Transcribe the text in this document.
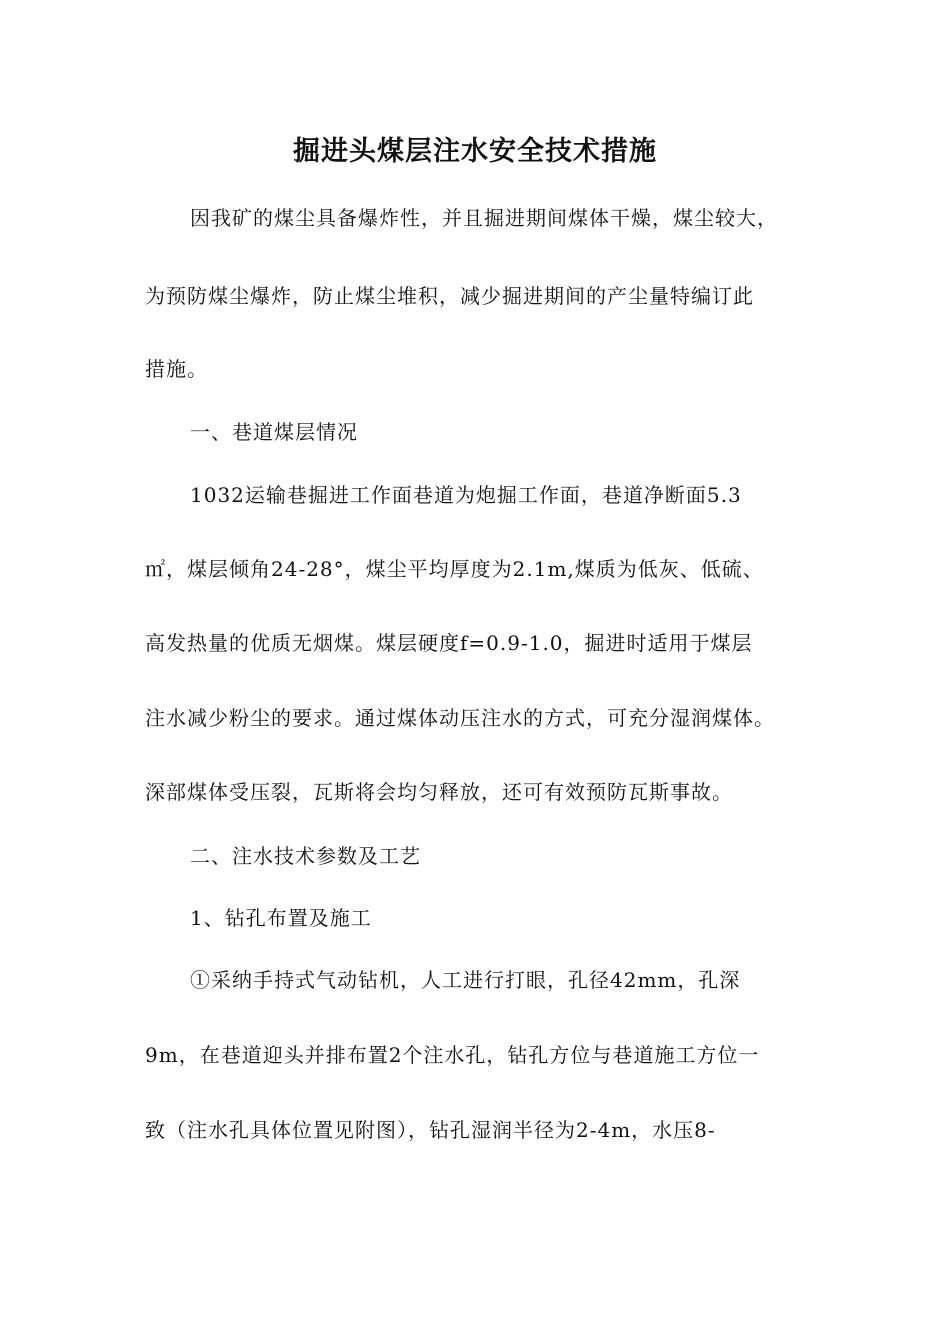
掘进头煤层注水安全技术措施
因我矿的煤尘具备爆炸性，并且掘进期间煤体干燥，煤尘较大，
为预防煤尘爆炸，防止煤尘堆积，减少掘进期间的产尘量特编订此
措施。
一、巷道煤层情况
1032运输巷掘进工作面巷道为炮掘工作面，巷道净断面5.3
㎡，煤层倾角24-28°，煤尘平均厚度为2.1m,煤质为低灰、低硫、
高发热量的优质无烟煤。煤层硬度f=0.9-1.0，掘进时适用于煤层
注水减少粉尘的要求。通过煤体动压注水的方式，可充分湿润煤体。
深部煤体受压裂，瓦斯将会均匀释放，还可有效预防瓦斯事故。
二、注水技术参数及工艺
1、钻孔布置及施工
①采纳手持式气动钻机，人工进行打眼，孔径42mm，孔深
9m，在巷道迎头并排布置2个注水孔，钻孔方位与巷道施工方位一
致（注水孔具体位置见附图），钻孔湿润半径为2-4m，水压8-
